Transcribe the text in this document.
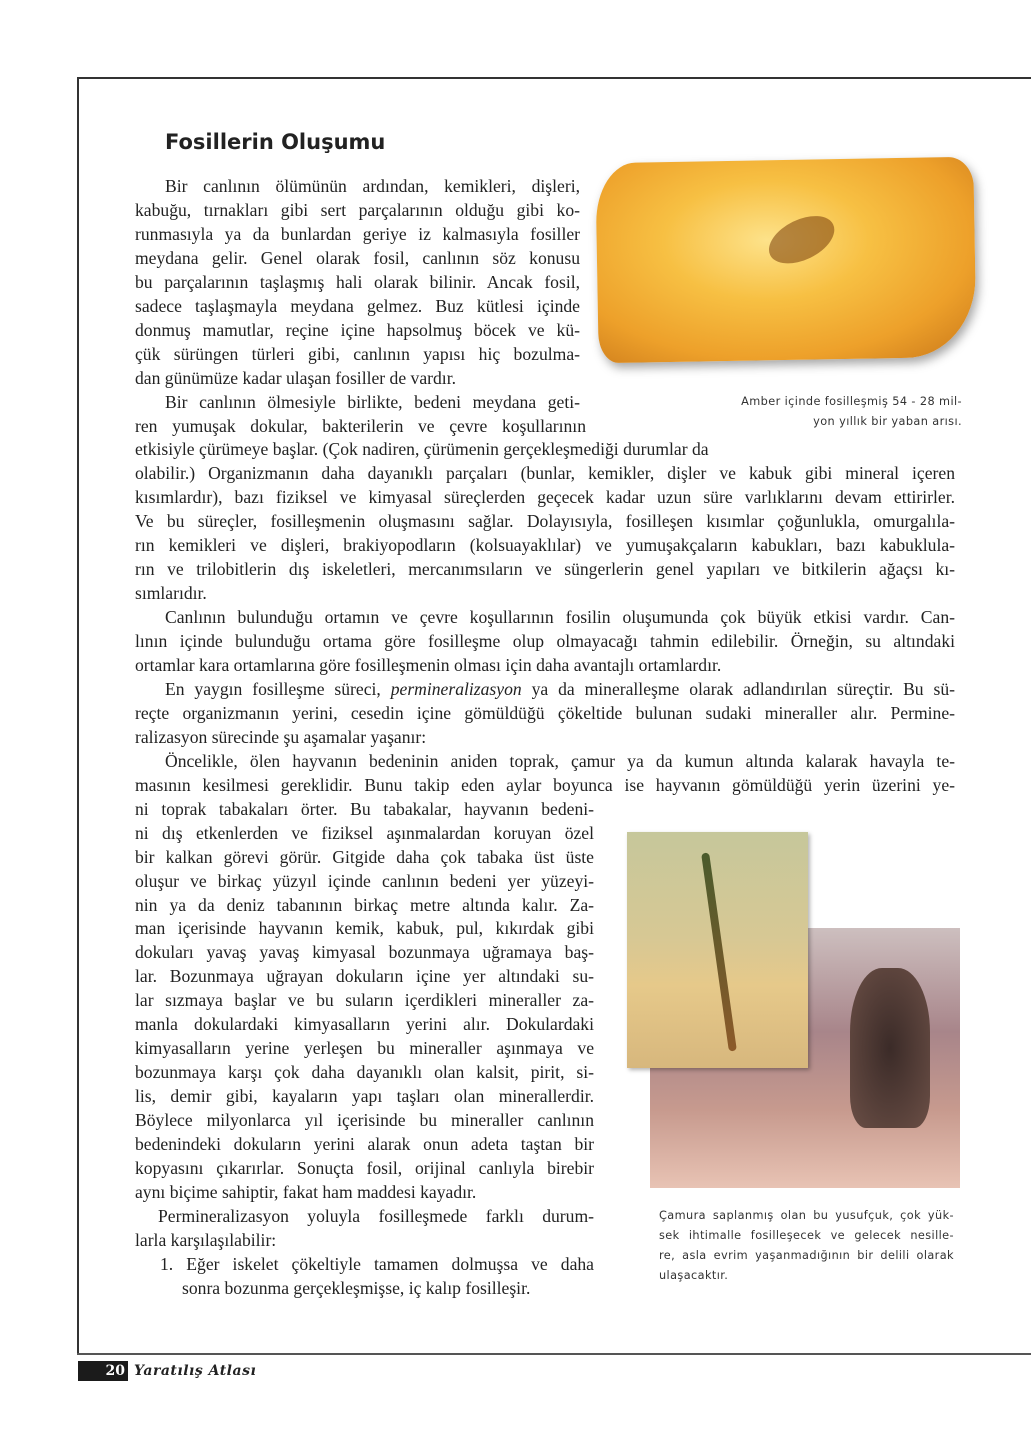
Fosillerin Oluşumu
Bir canlının ölümünün ardından, kemikleri, dişleri,
kabuğu, tırnakları gibi sert parçalarının olduğu gibi ko-
runmasıyla ya da bunlardan geriye iz kalmasıyla fosiller
meydana gelir. Genel olarak fosil, canlının söz konusu
bu parçalarının taşlaşmış hali olarak bilinir. Ancak fosil,
sadece taşlaşmayla meydana gelmez. Buz kütlesi içinde
donmuş mamutlar, reçine içine hapsolmuş böcek ve kü-
çük sürüngen türleri gibi, canlının yapısı hiç bozulma-
dan günümüze kadar ulaşan fosiller de vardır.
Bir canlının ölmesiyle birlikte, bedeni meydana geti-
ren yumuşak dokular, bakterilerin ve çevre koşullarının
etkisiyle çürümeye başlar. (Çok nadiren, çürümenin gerçekleşmediği durumlar da
olabilir.) Organizmanın daha dayanıklı parçaları (bunlar, kemikler, dişler ve kabuk gibi mineral içeren
kısımlardır), bazı fiziksel ve kimyasal süreçlerden geçecek kadar uzun süre varlıklarını devam ettirirler.
Ve bu süreçler, fosilleşmenin oluşmasını sağlar. Dolayısıyla, fosilleşen kısımlar çoğunlukla, omurgalıla-
rın kemikleri ve dişleri, brakiyopodların (kolsuayaklılar) ve yumuşakçaların kabukları, bazı kabuklula-
rın ve trilobitlerin dış iskeletleri, mercanımsıların ve süngerlerin genel yapıları ve bitkilerin ağaçsı kı-
sımlarıdır.
Canlının bulunduğu ortamın ve çevre koşullarının fosilin oluşumunda çok büyük etkisi vardır. Can-
lının içinde bulunduğu ortama göre fosilleşme olup olmayacağı tahmin edilebilir. Örneğin, su altındaki
ortamlar kara ortamlarına göre fosilleşmenin olması için daha avantajlı ortamlardır.
En yaygın fosilleşme süreci, permineralizasyon ya da mineralleşme olarak adlandırılan süreçtir. Bu sü-
reçte organizmanın yerini, cesedin içine gömüldüğü çökeltide bulunan sudaki mineraller alır. Permine-
ralizasyon sürecinde şu aşamalar yaşanır:
Öncelikle, ölen hayvanın bedeninin aniden toprak, çamur ya da kumun altında kalarak havayla te-
masının kesilmesi gereklidir. Bunu takip eden aylar boyunca ise hayvanın gömüldüğü yerin üzerini ye-
ni toprak tabakaları örter. Bu tabakalar, hayvanın bedeni-
ni dış etkenlerden ve fiziksel aşınmalardan koruyan özel
bir kalkan görevi görür. Gitgide daha çok tabaka üst üste
oluşur ve birkaç yüzyıl içinde canlının bedeni yer yüzeyi-
nin ya da deniz tabanının birkaç metre altında kalır. Za-
man içerisinde hayvanın kemik, kabuk, pul, kıkırdak gibi
dokuları yavaş yavaş kimyasal bozunmaya uğramaya baş-
lar. Bozunmaya uğrayan dokuların içine yer altındaki su-
lar sızmaya başlar ve bu suların içerdikleri mineraller za-
manla dokulardaki kimyasalların yerini alır. Dokulardaki
kimyasalların yerine yerleşen bu mineraller aşınmaya ve
bozunmaya karşı çok daha dayanıklı olan kalsit, pirit, si-
lis, demir gibi, kayaların yapı taşları olan minerallerdir.
Böylece milyonlarca yıl içerisinde bu mineraller canlının
bedenindeki dokuların yerini alarak onun adeta taştan bir
kopyasını çıkarırlar. Sonuçta fosil, orijinal canlıyla birebir
aynı biçime sahiptir, fakat ham maddesi kayadır.
Permineralizasyon yoluyla fosilleşmede farklı durum-
larla karşılaşılabilir:
1. Eğer iskelet çökeltiyle tamamen dolmuşsa ve daha
sonra bozunma gerçekleşmişse, iç kalıp fosilleşir.
Amber içinde fosilleşmiş 54 - 28 mil-
yon yıllık bir yaban arısı.
Çamura saplanmış olan bu yusufçuk, çok yük-
sek ihtimalle fosilleşecek ve gelecek nesille-
re, asla evrim yaşanmadığının bir delili olarak
ulaşacaktır.
20 Yaratılış Atlası
